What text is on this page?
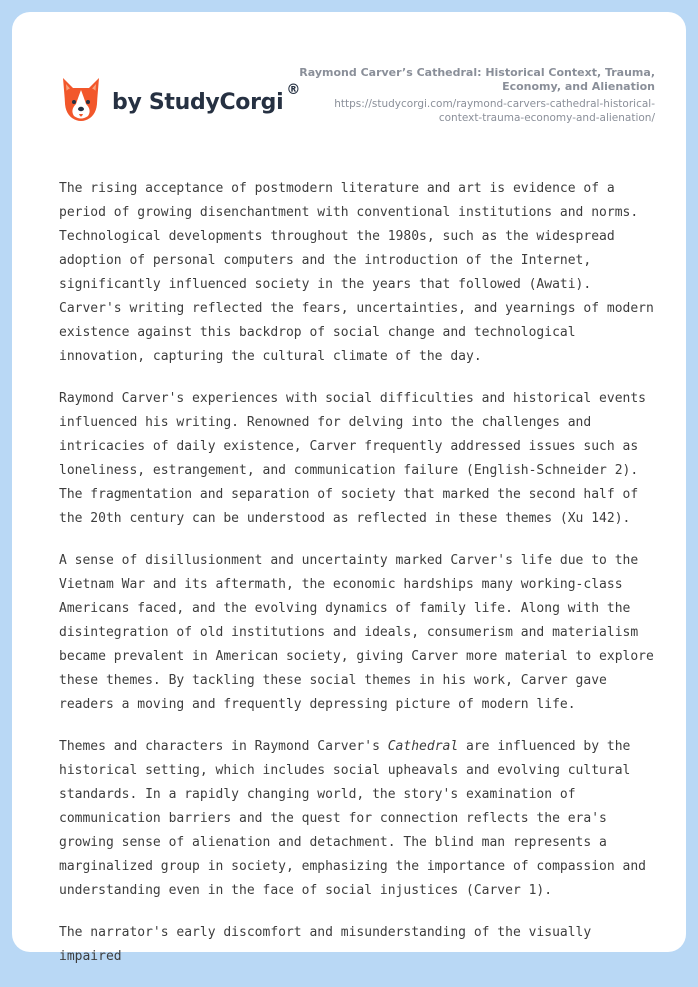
by StudyCorgi ®
Raymond Carver’s Cathedral: Historical Context, Trauma, Economy, and Alienation
https://studycorgi.com/raymond-carvers-cathedral-historical-context-trauma-economy-and-alienation/

The rising acceptance of postmodern literature and art is evidence of a period of growing disenchantment with conventional institutions and norms. Technological developments throughout the 1980s, such as the widespread adoption of personal computers and the introduction of the Internet, significantly influenced society in the years that followed (Awati). Carver's writing reflected the fears, uncertainties, and yearnings of modern existence against this backdrop of social change and technological innovation, capturing the cultural climate of the day.

Raymond Carver's experiences with social difficulties and historical events influenced his writing. Renowned for delving into the challenges and intricacies of daily existence, Carver frequently addressed issues such as loneliness, estrangement, and communication failure (English-Schneider 2). The fragmentation and separation of society that marked the second half of the 20th century can be understood as reflected in these themes (Xu 142).

A sense of disillusionment and uncertainty marked Carver's life due to the Vietnam War and its aftermath, the economic hardships many working-class Americans faced, and the evolving dynamics of family life. Along with the disintegration of old institutions and ideals, consumerism and materialism became prevalent in American society, giving Carver more material to explore these themes. By tackling these social themes in his work, Carver gave readers a moving and frequently depressing picture of modern life.

Themes and characters in Raymond Carver's Cathedral are influenced by the historical setting, which includes social upheavals and evolving cultural standards. In a rapidly changing world, the story's examination of communication barriers and the quest for connection reflects the era's growing sense of alienation and detachment. The blind man represents a marginalized group in society, emphasizing the importance of compassion and understanding even in the face of social injustices (Carver 1).

The narrator's early discomfort and misunderstanding of the visually impaired
